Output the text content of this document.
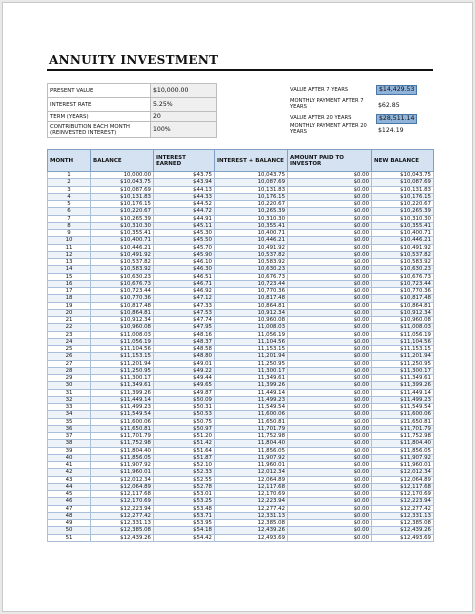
ANNUITY INVESTMENT
PRESENT VALUE	$10,000.00
INTEREST RATE	5.25%
TERM (YEARS)	20
CONTRIBUTION EACH MONTH (REINVESTED INTEREST)	100%
VALUE AFTER 7 YEARS	$14,429.53
MONTHLY PAYMENT AFTER 7 YEARS	$62.85
VALUE AFTER 20 YEARS	$28,511.14
MONTHLY PAYMENT AFTER 20 YEARS	$124.19
MONTH	BALANCE	INTEREST EARNED	INTEREST + BALANCE	AMOUNT PAID TO INVESTOR	NEW BALANCE
1	10,000.00	$43.75	10,043.75	$0.00	$10,043.75
2	$10,043.75	$43.94	10,087.69	$0.00	$10,087.69
3	$10,087.69	$44.13	10,131.83	$0.00	$10,131.83
4	$10,131.83	$44.33	10,176.15	$0.00	$10,176.15
5	$10,176.15	$44.52	10,220.67	$0.00	$10,220.67
6	$10,220.67	$44.72	10,265.39	$0.00	$10,265.39
7	$10,265.39	$44.91	10,310.30	$0.00	$10,310.30
8	$10,310.30	$45.11	10,355.41	$0.00	$10,355.41
9	$10,355.41	$45.30	10,400.71	$0.00	$10,400.71
10	$10,400.71	$45.50	10,446.21	$0.00	$10,446.21
11	$10,446.21	$45.70	10,491.92	$0.00	$10,491.92
12	$10,491.92	$45.90	10,537.82	$0.00	$10,537.82
13	$10,537.82	$46.10	10,583.92	$0.00	$10,583.92
14	$10,583.92	$46.30	10,630.23	$0.00	$10,630.23
15	$10,630.23	$46.51	10,676.73	$0.00	$10,676.73
16	$10,676.73	$46.71	10,723.44	$0.00	$10,723.44
17	$10,723.44	$46.92	10,770.36	$0.00	$10,770.36
18	$10,770.36	$47.12	10,817.48	$0.00	$10,817.48
19	$10,817.48	$47.33	10,864.81	$0.00	$10,864.81
20	$10,864.81	$47.53	10,912.34	$0.00	$10,912.34
21	$10,912.34	$47.74	10,960.08	$0.00	$10,960.08
22	$10,960.08	$47.95	11,008.03	$0.00	$11,008.03
23	$11,008.03	$48.16	11,056.19	$0.00	$11,056.19
24	$11,056.19	$48.37	11,104.56	$0.00	$11,104.56
25	$11,104.56	$48.58	11,153.15	$0.00	$11,153.15
26	$11,153.15	$48.80	11,201.94	$0.00	$11,201.94
27	$11,201.94	$49.01	11,250.95	$0.00	$11,250.95
28	$11,250.95	$49.22	11,300.17	$0.00	$11,300.17
29	$11,300.17	$49.44	11,349.61	$0.00	$11,349.61
30	$11,349.61	$49.65	11,399.26	$0.00	$11,399.26
31	$11,399.26	$49.87	11,449.14	$0.00	$11,449.14
32	$11,449.14	$50.09	11,499.23	$0.00	$11,499.23
33	$11,499.23	$50.31	11,549.54	$0.00	$11,549.54
34	$11,549.54	$50.53	11,600.06	$0.00	$11,600.06
35	$11,600.06	$50.75	11,650.81	$0.00	$11,650.81
36	$11,650.81	$50.97	11,701.79	$0.00	$11,701.79
37	$11,701.79	$51.20	11,752.98	$0.00	$11,752.98
38	$11,752.98	$51.42	11,804.40	$0.00	$11,804.40
39	$11,804.40	$51.64	11,856.05	$0.00	$11,856.05
40	$11,856.05	$51.87	11,907.92	$0.00	$11,907.92
41	$11,907.92	$52.10	11,960.01	$0.00	$11,960.01
42	$11,960.01	$52.33	12,012.34	$0.00	$12,012.34
43	$12,012.34	$52.55	12,064.89	$0.00	$12,064.89
44	$12,064.89	$52.78	12,117.68	$0.00	$12,117.68
45	$12,117.68	$53.01	12,170.69	$0.00	$12,170.69
46	$12,170.69	$53.25	12,223.94	$0.00	$12,223.94
47	$12,223.94	$53.48	12,277.42	$0.00	$12,277.42
48	$12,277.42	$53.71	12,331.13	$0.00	$12,331.13
49	$12,331.13	$53.95	12,385.08	$0.00	$12,385.08
50	$12,385.08	$54.18	12,439.26	$0.00	$12,439.26
51	$12,439.26	$54.42	12,493.69	$0.00	$12,493.69
